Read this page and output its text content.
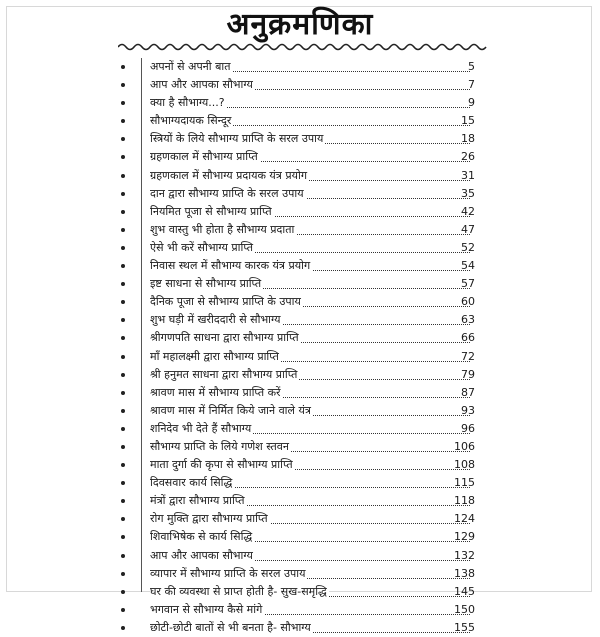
अनुक्रमणिका
अपनों से अपनी बात	5
आप और आपका सौभाग्य	7
क्या है सौभाग्य...?	9
सौभाग्यदायक सिन्दूर	15
स्त्रियों के लिये सौभाग्य प्राप्ति के सरल उपाय	18
ग्रहणकाल में सौभाग्य प्राप्ति	26
ग्रहणकाल में सौभाग्य प्रदायक यंत्र प्रयोग	31
दान द्वारा सौभाग्य प्राप्ति के सरल उपाय	35
नियमित पूजा से सौभाग्य प्राप्ति	42
शुभ वास्तु भी होता है सौभाग्य प्रदाता	47
ऐसे भी करें सौभाग्य प्राप्ति	52
निवास स्थल में सौभाग्य कारक यंत्र प्रयोग	54
इष्ट साधना से सौभाग्य प्राप्ति	57
दैनिक पूजा से सौभाग्य प्राप्ति के उपाय	60
शुभ घड़ी में खरीददारी से सौभाग्य	63
श्रीगणपति साधना द्वारा सौभाग्य प्राप्ति	66
माँ महालक्ष्मी द्वारा सौभाग्य प्राप्ति	72
श्री हनुमत साधना द्वारा सौभाग्य प्राप्ति	79
श्रावण मास में सौभाग्य प्राप्ति करें	87
श्रावण मास में निर्मित किये जाने वाले यंत्र	93
शनिदेव भी देते हैं सौभाग्य	96
सौभाग्य प्राप्ति के लिये गणेश स्तवन	106
माता दुर्गा की कृपा से सौभाग्य प्राप्ति	108
दिवसवार कार्य सिद्धि	115
मंत्रों द्वारा सौभाग्य प्राप्ति	118
रोग मुक्ति द्वारा सौभाग्य प्राप्ति	124
शिवाभिषेक से कार्य सिद्धि	129
आप और आपका सौभाग्य	132
व्यापार में सौभाग्य प्राप्ति के सरल उपाय	138
घर की व्यवस्था से प्राप्त होती है- सुख-समृद्धि	145
भगवान से सौभाग्य कैसे मांगे	150
छोटी-छोटी बातों से भी बनता है- सौभाग्य	155
